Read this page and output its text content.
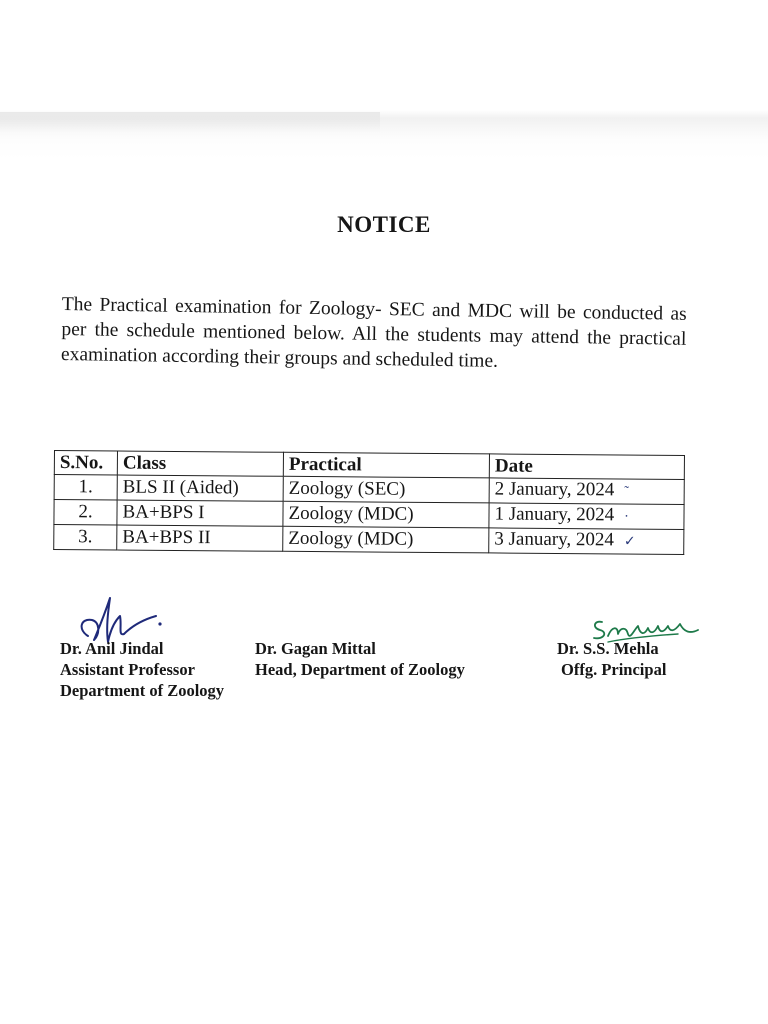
NOTICE
The Practical examination for Zoology- SEC and MDC will be conducted as per the schedule mentioned below. All the students may attend the practical examination according their groups and scheduled time.
S.No.	Class	Practical	Date
1.	BLS II (Aided)	Zoology (SEC)	2 January, 2024 ˜
2.	BA+BPS I	Zoology (MDC)	1 January, 2024 ·
3.	BA+BPS II	Zoology (MDC)	3 January, 2024 ✓
Dr. Anil Jindal
Assistant Professor
Department of Zoology
Dr. Gagan Mittal
Head, Department of Zoology
Dr. S.S. Mehla
Offg. Principal
